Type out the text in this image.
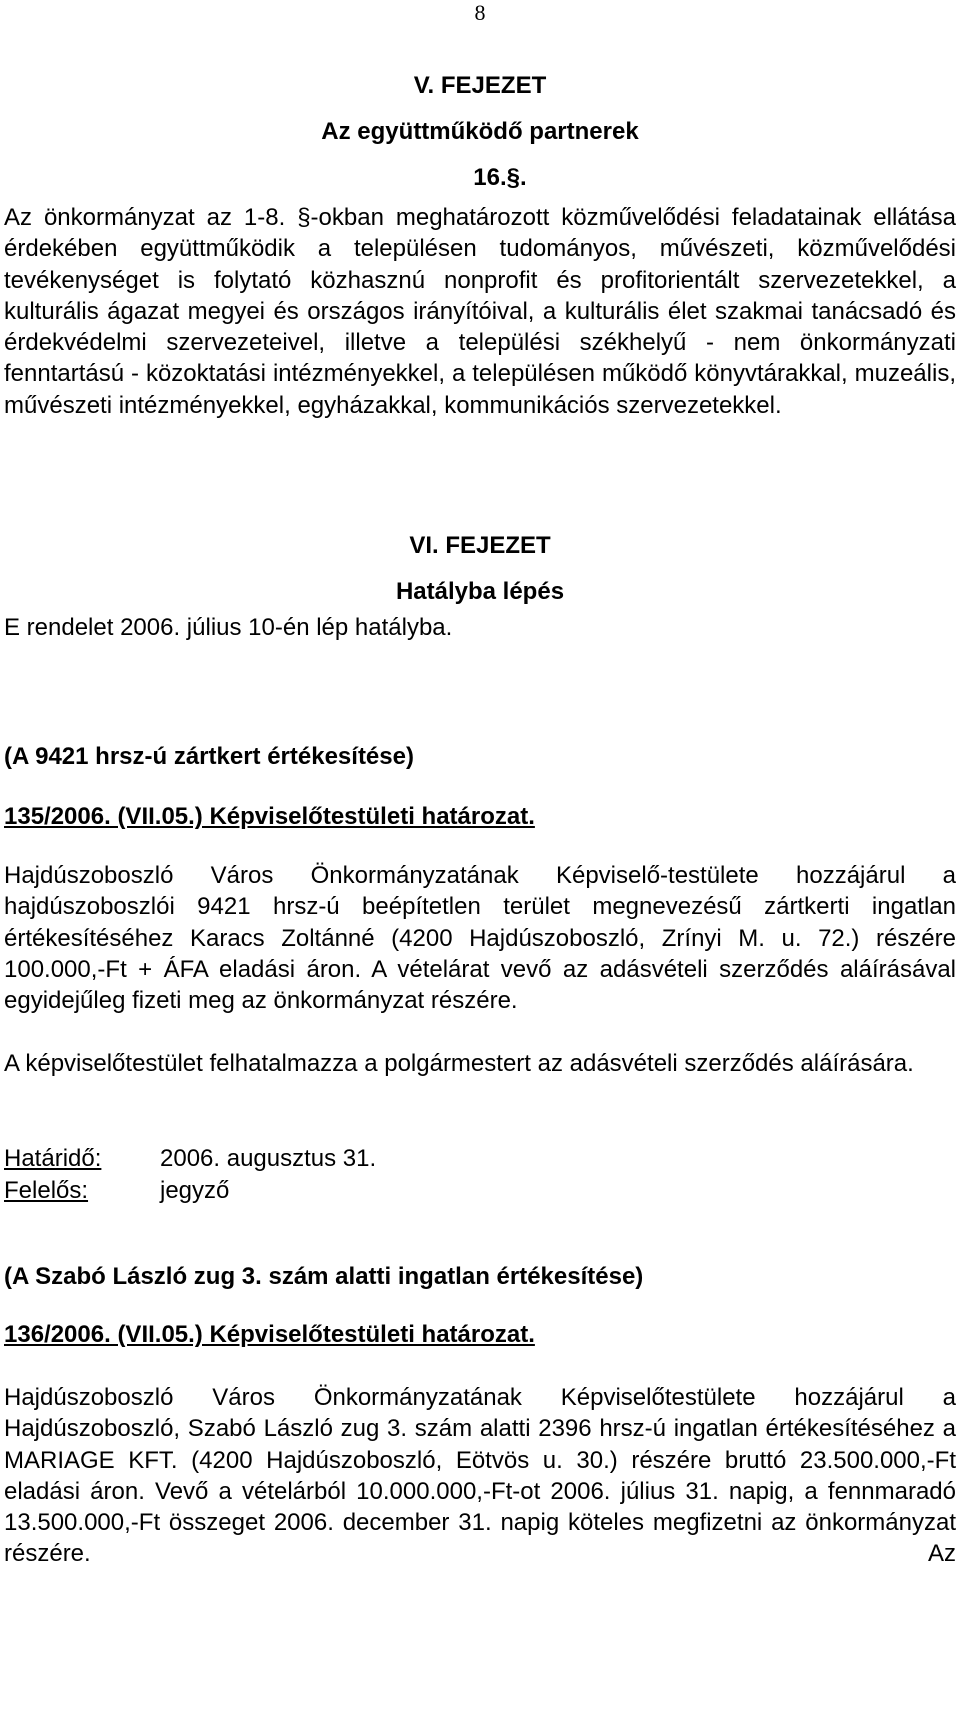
8
V. FEJEZET
Az együttműködő partnerek
16.§.
Az önkormányzat az 1-8. §-okban meghatározott közművelődési feladatainak ellátása érdekében együttműködik a településen tudományos, művészeti, közművelődési tevékenységet is folytató közhasznú nonprofit és profitorientált szervezetekkel, a kulturális ágazat megyei és országos irányítóival, a kulturális élet szakmai tanácsadó és érdekvédelmi szervezeteivel, illetve a települési székhelyű - nem önkormányzati fenntartású - közoktatási intézményekkel, a településen működő könyvtárakkal, muzeális, művészeti intézményekkel, egyházakkal, kommunikációs szervezetekkel.
VI. FEJEZET
Hatályba lépés
E rendelet 2006. július 10-én lép hatályba.
(A 9421 hrsz-ú zártkert értékesítése)
135/2006. (VII.05.) Képviselőtestületi határozat.
Hajdúszoboszló Város Önkormányzatának Képviselő-testülete hozzájárul a hajdúszoboszlói 9421 hrsz-ú beépítetlen terület megnevezésű zártkerti ingatlan értékesítéséhez Karacs Zoltánné (4200 Hajdúszoboszló, Zrínyi M. u. 72.) részére 100.000,-Ft + ÁFA eladási áron. A vételárat vevő az adásvételi szerződés aláírásával egyidejűleg fizeti meg az önkormányzat részére.
A képviselőtestület felhatalmazza a polgármestert az adásvételi szerződés aláírására.
Határidő: 2006. augusztus 31.
Felelős:	jegyző
(A Szabó László zug 3. szám alatti ingatlan értékesítése)
136/2006. (VII.05.) Képviselőtestületi határozat.
Hajdúszoboszló Város Önkormányzatának Képviselőtestülete hozzájárul a Hajdúszoboszló, Szabó László zug 3. szám alatti 2396 hrsz-ú ingatlan értékesítéséhez a MARIAGE KFT. (4200 Hajdúszoboszló, Eötvös u. 30.) részére bruttó 23.500.000,-Ft eladási áron. Vevő a vételárból 10.000.000,-Ft-ot 2006. július 31. napig, a fennmaradó 13.500.000,-Ft összeget 2006. december 31. napig köteles megfizetni az önkormányzat részére. Az
